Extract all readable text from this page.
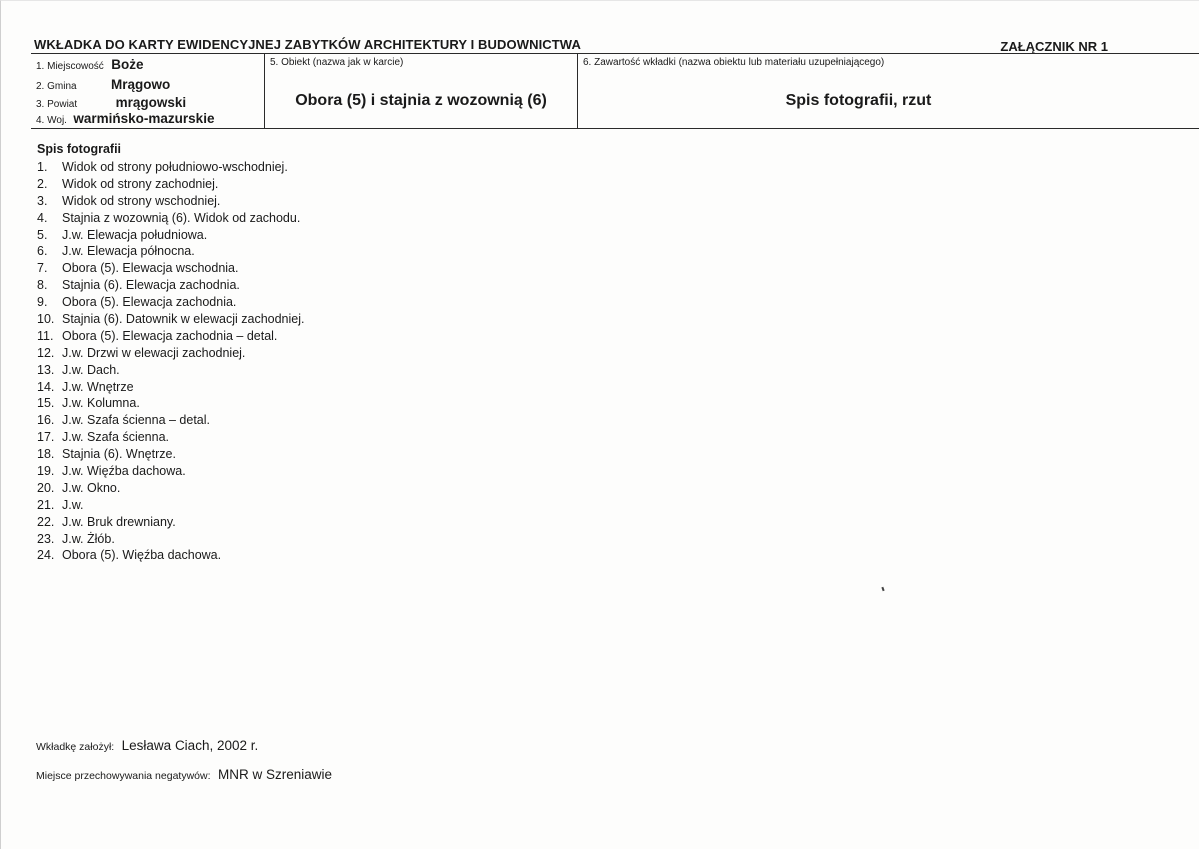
WKŁADKA DO KARTY EWIDENCYJNEJ ZABYTKÓW ARCHITEKTURY I BUDOWNICTWA	ZAŁĄCZNIK NR 1
1. Miejscowość Boże
2. Gmina	Mrągowo
3. Powiat	mrągowski
4. Woj. warmińsko-mazurskie
5. Obiekt (nazwa jak w karcie)
Obora (5) i stajnia z wozownią (6)
6. Zawartość wkładki (nazwa obiektu lub materiału uzupełniającego)
Spis fotografii, rzut
Spis fotografii
1. Widok od strony południowo-wschodniej.
2. Widok od strony zachodniej.
3. Widok od strony wschodniej.
4. Stajnia z wozownią (6). Widok od zachodu.
5. J.w. Elewacja południowa.
6. J.w. Elewacja północna.
7. Obora (5). Elewacja wschodnia.
8. Stajnia (6). Elewacja zachodnia.
9. Obora (5). Elewacja zachodnia.
10. Stajnia (6). Datownik w elewacji zachodniej.
11. Obora (5). Elewacja zachodnia – detal.
12. J.w. Drzwi w elewacji zachodniej.
13. J.w. Dach.
14. J.w. Wnętrze
15. J.w. Kolumna.
16. J.w. Szafa ścienna – detal.
17. J.w. Szafa ścienna.
18. Stajnia (6). Wnętrze.
19. J.w. Więźba dachowa.
20. J.w. Okno.
21. J.w.
22. J.w. Bruk drewniany.
23. J.w. Żłób.
24. Obora (5). Więźba dachowa.
Wkładkę założył: Lesława Ciach, 2002 r.
Miejsce przechowywania negatywów: MNR w Szreniawie
